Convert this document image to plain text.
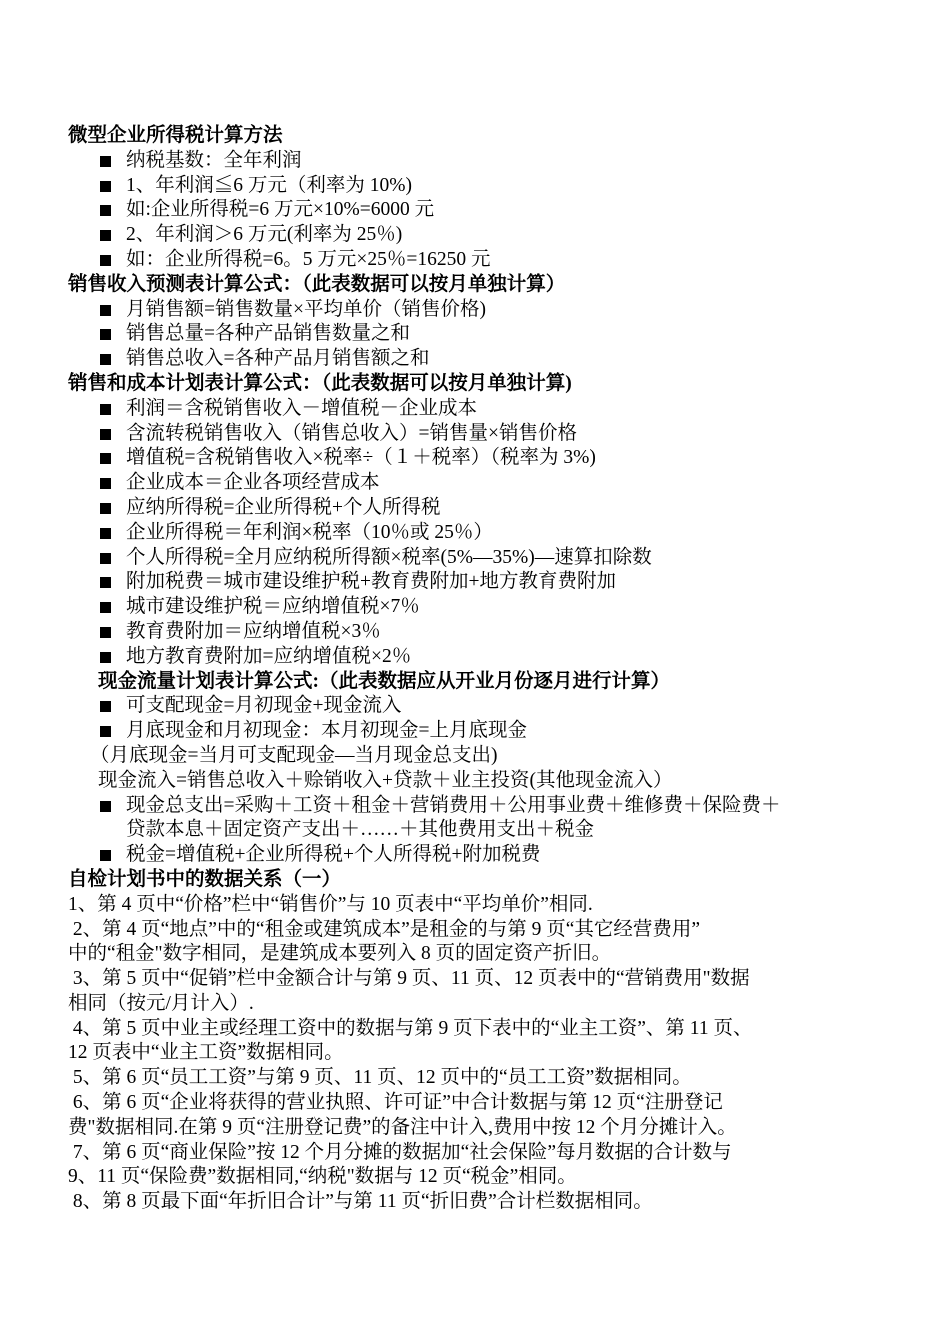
微型企业所得税计算方法
纳税基数：全年利润
1、年利润≦6 万元（利率为 10%)
如:企业所得税=6 万元×10%=6000 元
2、年利润＞6 万元(利率为 25％)
如：企业所得税=6。5 万元×25％=16250 元
销售收入预测表计算公式：（此表数据可以按月单独计算）
月销售额=销售数量×平均单价（销售价格)
销售总量=各种产品销售数量之和
销售总收入=各种产品月销售额之和
销售和成本计划表计算公式：（此表数据可以按月单独计算)
利润＝含税销售收入－增值税－企业成本
含流转税销售收入（销售总收入）=销售量×销售价格
增值税=含税销售收入×税率÷（１＋税率）（税率为 3%)
企业成本＝企业各项经营成本
应纳所得税=企业所得税+个人所得税
企业所得税＝年利润×税率（10％或 25％）
个人所得税=全月应纳税所得额×税率(5%—35%)—速算扣除数
附加税费＝城市建设维护税+教育费附加+地方教育费附加
城市建设维护税＝应纳增值税×7％
教育费附加＝应纳增值税×3％
地方教育费附加=应纳增值税×2％
现金流量计划表计算公式:（此表数据应从开业月份逐月进行计算）
可支配现金=月初现金+现金流入
月底现金和月初现金：本月初现金=上月底现金
（月底现金=当月可支配现金—当月现金总支出)
现金流入=销售总收入＋赊销收入+贷款＋业主投资(其他现金流入）
现金总支出=采购＋工资＋租金＋营销费用＋公用事业费＋维修费＋保险费＋
贷款本息＋固定资产支出＋……＋其他费用支出＋税金
税金=增值税+企业所得税+个人所得税+附加税费
自检计划书中的数据关系（一）
1、第 4 页中“价格”栏中“销售价”与 10 页表中“平均单价”相同.
2、第 4 页“地点”中的“租金或建筑成本”是租金的与第 9 页“其它经营费用”
中的“租金"数字相同，是建筑成本要列入 8 页的固定资产折旧。
3、第 5 页中“促销”栏中金额合计与第 9 页、11 页、12 页表中的“营销费用"数据
相同（按元/月计入）.
4、第 5 页中业主或经理工资中的数据与第 9 页下表中的“业主工资”、第 11 页、
12 页表中“业主工资”数据相同。
5、第 6 页“员工工资”与第 9 页、11 页、12 页中的“员工工资”数据相同。
6、第 6 页“企业将获得的营业执照、许可证”中合计数据与第 12 页“注册登记
费"数据相同.在第 9 页“注册登记费”的备注中计入,费用中按 12 个月分摊计入。
7、第 6 页“商业保险”按 12 个月分摊的数据加“社会保险”每月数据的合计数与
9、11 页“保险费”数据相同,“纳税"数据与 12 页“税金”相同。
8、第 8 页最下面“年折旧合计”与第 11 页“折旧费”合计栏数据相同。
